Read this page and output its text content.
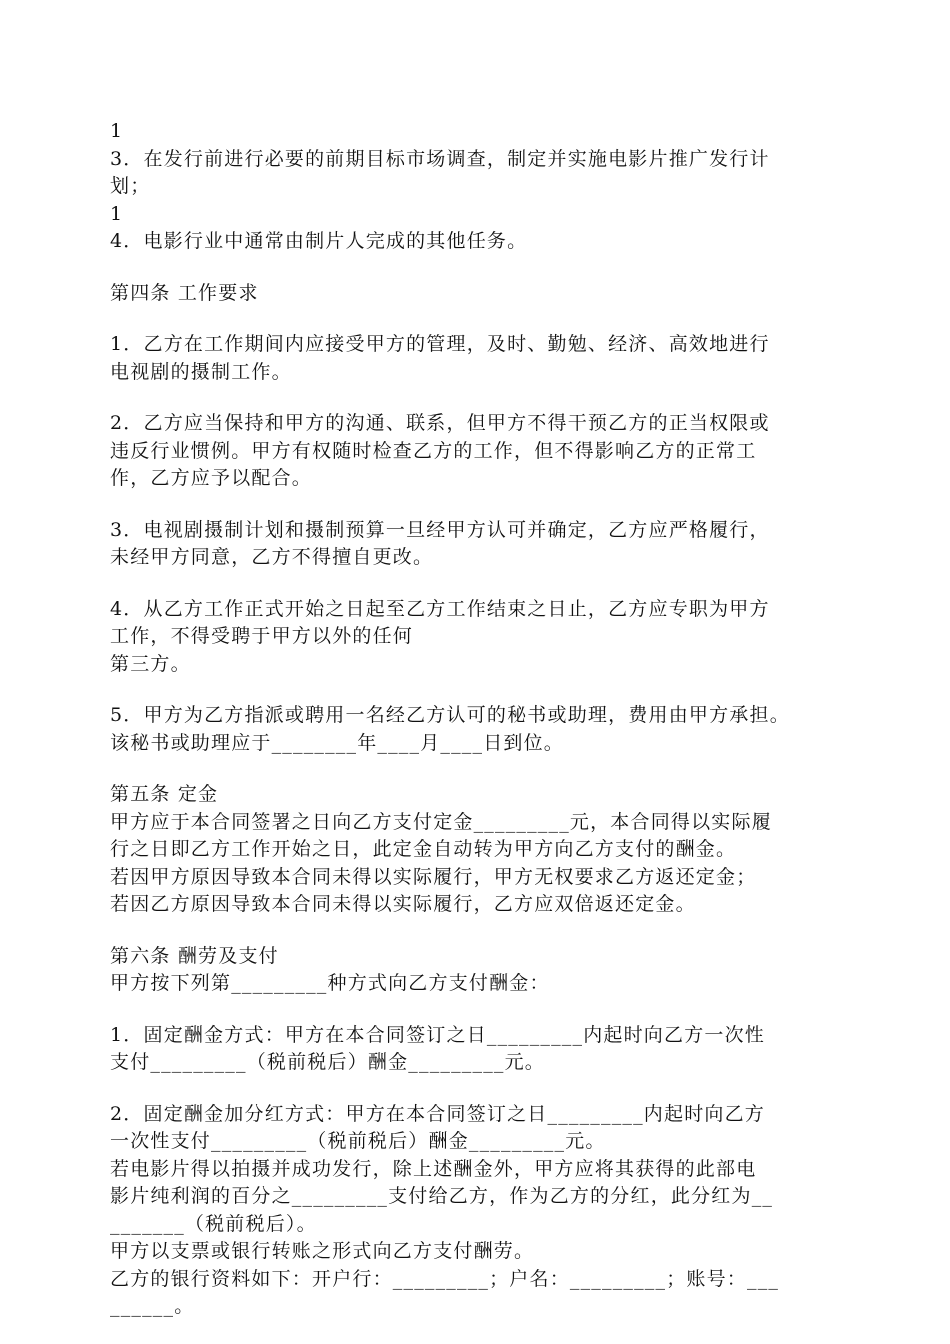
1
3．在发行前进行必要的前期目标市场调查，制定并实施电影片推广发行计
划；
1
4．电影行业中通常由制片人完成的其他任务。
第四条 工作要求
1．乙方在工作期间内应接受甲方的管理，及时、勤勉、经济、高效地进行
电视剧的摄制工作。
2．乙方应当保持和甲方的沟通、联系，但甲方不得干预乙方的正当权限或
违反行业惯例。甲方有权随时检查乙方的工作，但不得影响乙方的正常工
作，乙方应予以配合。
3．电视剧摄制计划和摄制预算一旦经甲方认可并确定，乙方应严格履行，
未经甲方同意，乙方不得擅自更改。
4．从乙方工作正式开始之日起至乙方工作结束之日止，乙方应专职为甲方
工作，不得受聘于甲方以外的任何
第三方。
5．甲方为乙方指派或聘用一名经乙方认可的秘书或助理，费用由甲方承担。
该秘书或助理应于________年____月____日到位。
第五条 定金
甲方应于本合同签署之日向乙方支付定金_________元，本合同得以实际履
行之日即乙方工作开始之日，此定金自动转为甲方向乙方支付的酬金。
若因甲方原因导致本合同未得以实际履行，甲方无权要求乙方返还定金；
若因乙方原因导致本合同未得以实际履行，乙方应双倍返还定金。
第六条 酬劳及支付
甲方按下列第_________种方式向乙方支付酬金：
1．固定酬金方式：甲方在本合同签订之日_________内起时向乙方一次性
支付_________（税前税后）酬金_________元。
2．固定酬金加分红方式：甲方在本合同签订之日_________内起时向乙方
一次性支付_________（税前税后）酬金_________元。
若电影片得以拍摄并成功发行，除上述酬金外，甲方应将其获得的此部电
影片纯利润的百分之_________支付给乙方，作为乙方的分红，此分红为__
_______（税前税后）。
甲方以支票或银行转账之形式向乙方支付酬劳。
乙方的银行资料如下：开户行：_________；户名：_________；账号：___
______。
